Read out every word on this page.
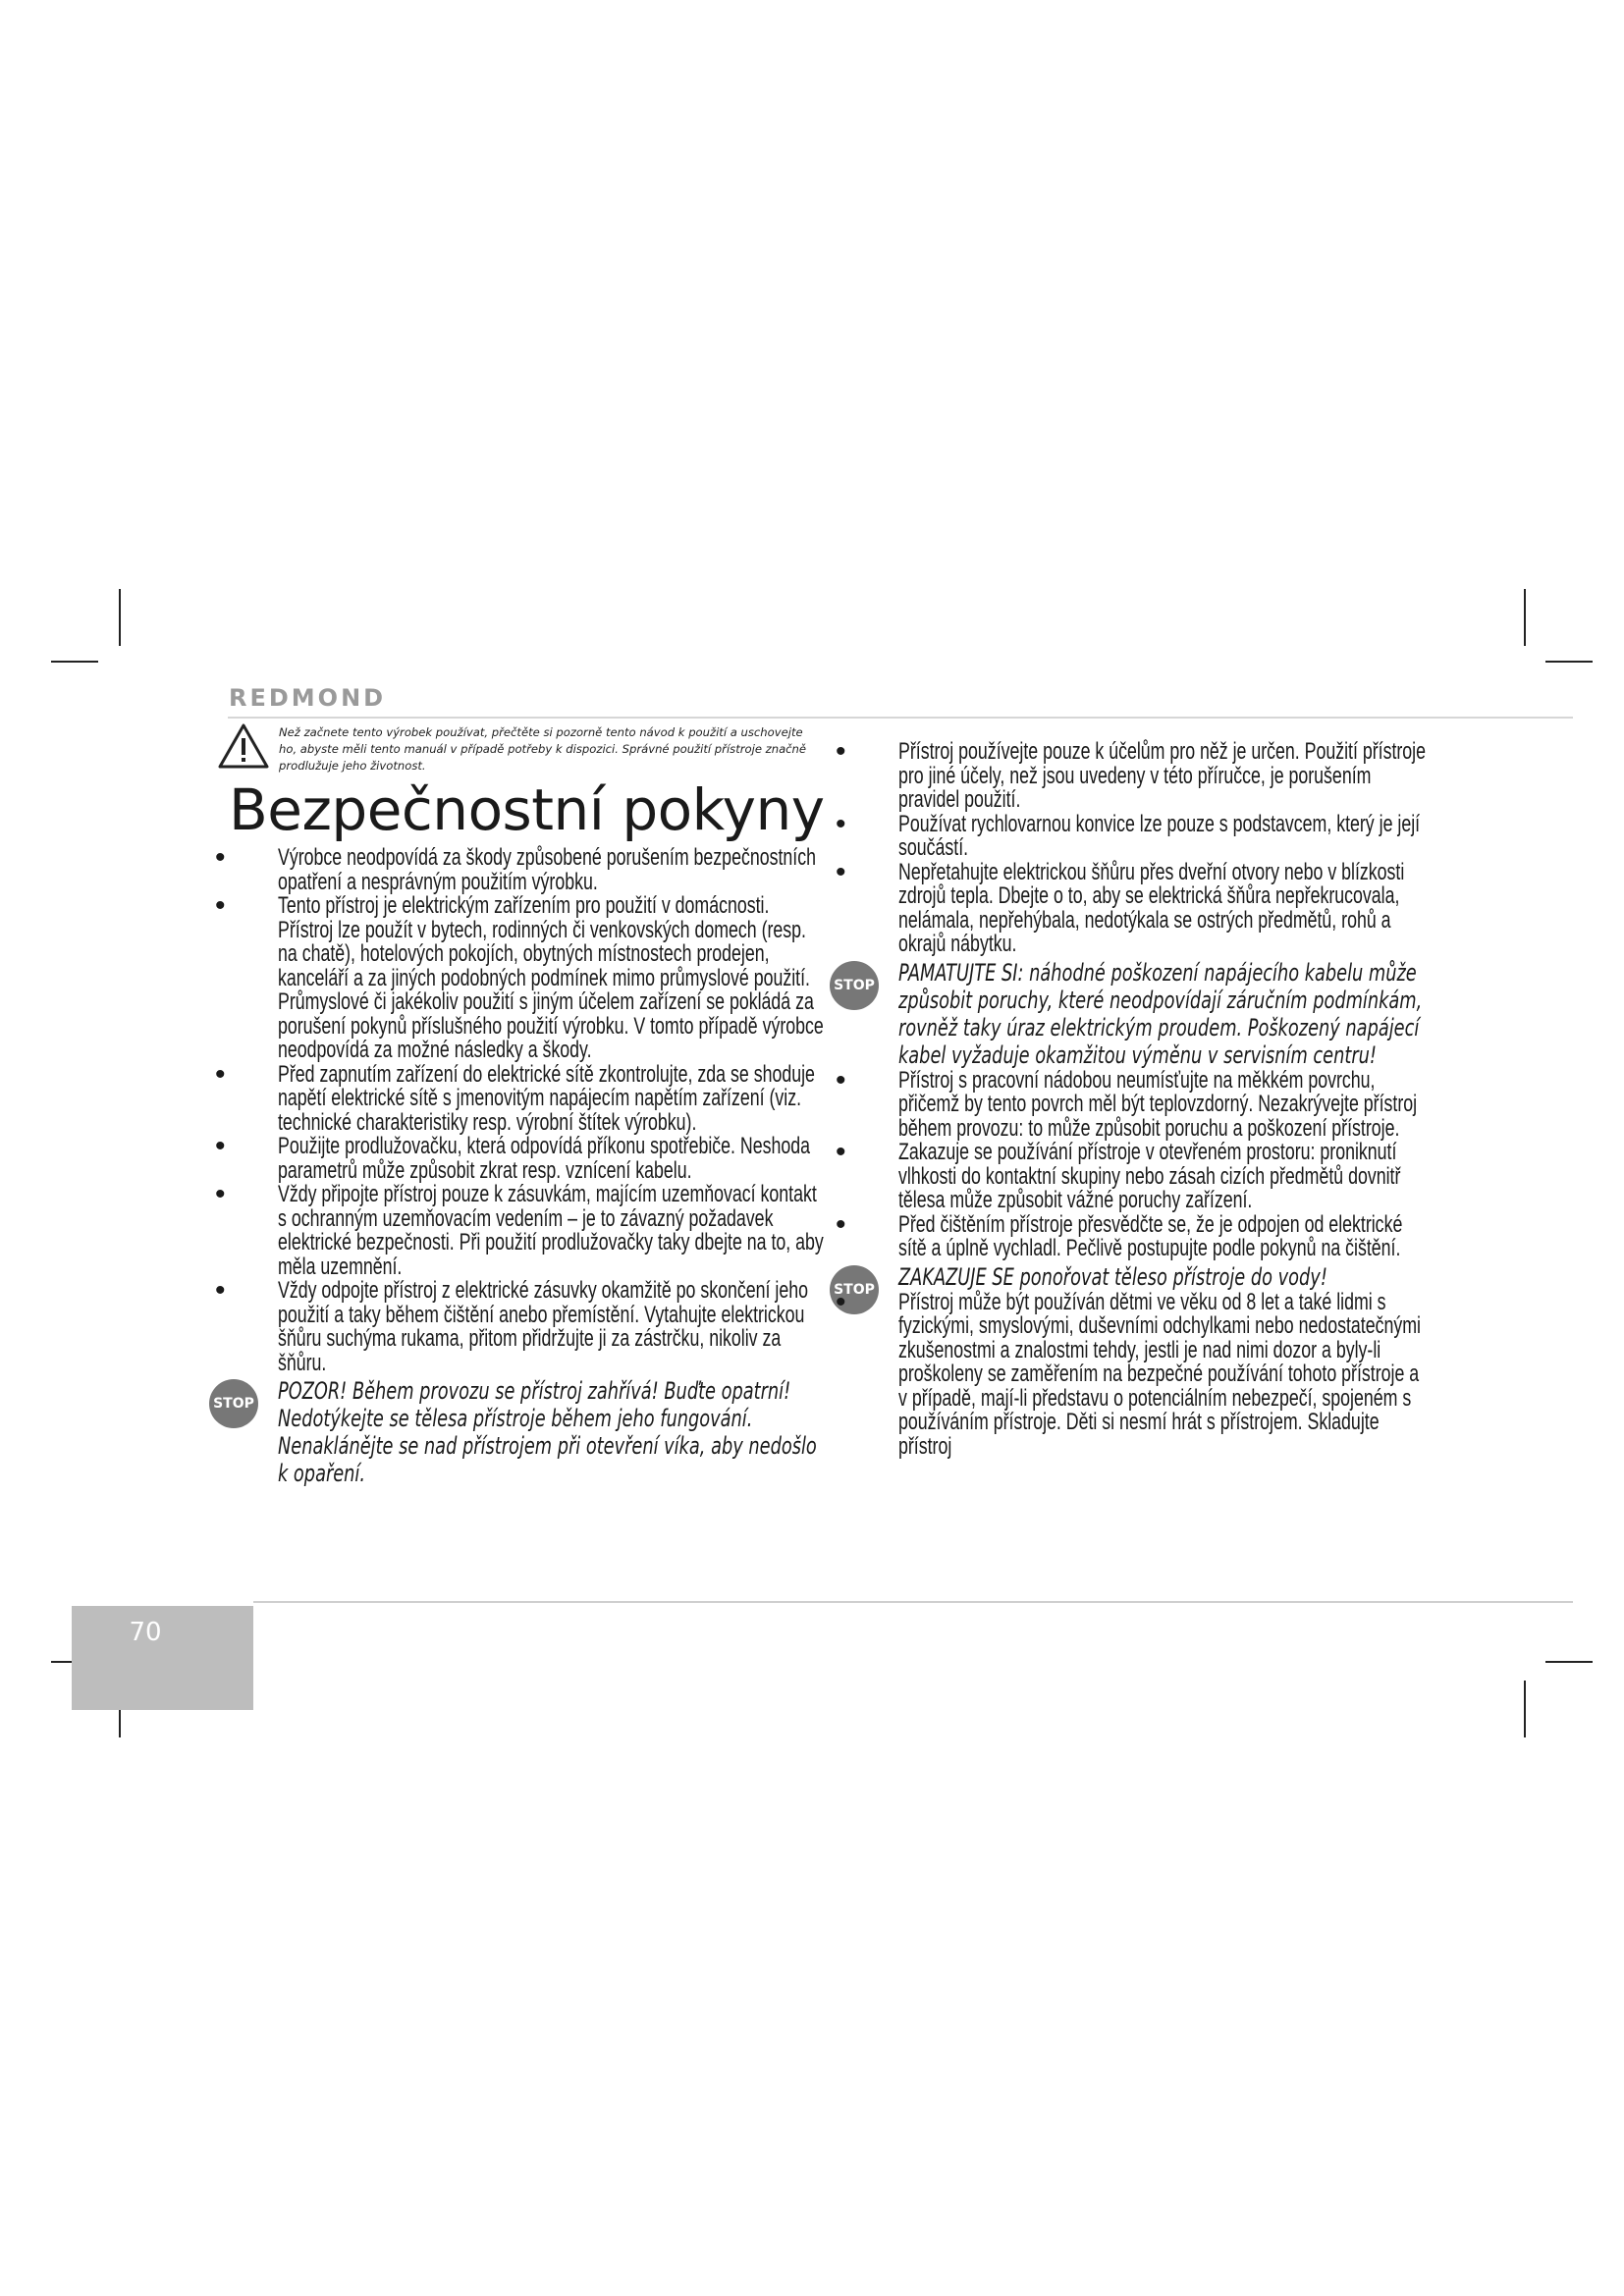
REDMOND
Než začnete tento výrobek používat, přečtěte si pozorně tento návod k použití a uschovejte ho, abyste měli tento manuál v případě potřeby k dispozici. Správné použití přístroje značně prodlužuje jeho životnost.
Bezpečnostní pokyny
• Výrobce neodpovídá za škody způsobené porušením bezpečnostních opatření a nesprávným použitím výrobku.
• Tento přístroj je elektrickým zařízením pro použití v domácnosti. Přístroj lze použít v bytech, rodinných či venkovských domech (resp. na chatě), hotelových pokojích, obytných místnostech prodejen, kanceláří a za jiných podobných podmínek mimo průmyslové použití. Průmyslové či jakékoliv použití s jiným účelem zařízení se pokládá za porušení pokynů příslušného použití výrobku. V tomto případě výrobce neodpovídá za možné následky a škody.
• Před zapnutím zařízení do elektrické sítě zkontrolujte, zda se shoduje napětí elektrické sítě s jmenovitým napájecím napětím zařízení (viz. technické charakteristiky resp. výrobní štítek výrobku).
• Použijte prodlužovačku, která odpovídá příkonu spotřebiče. Neshoda parametrů může způsobit zkrat resp. vznícení kabelu.
• Vždy připojte přístroj pouze k zásuvkám, majícím uzemňovací kontakt s ochranným uzemňovacím vedením – je to závazný požadavek elektrické bezpečnosti. Při použití prodlužovačky taky dbejte na to, aby měla uzemnění.
• Vždy odpojte přístroj z elektrické zásuvky okamžitě po skončení jeho použití a taky během čištění anebo přemístění. Vytahujte elektrickou šňůru suchýma rukama, přitom přidržujte ji za zástrčku, nikoliv za šňůru.
STOP POZOR! Během provozu se přístroj zahřívá! Buďte opatrní! Nedotýkejte se tělesa přístroje během jeho fungování. Nenaklánějte se nad přístrojem při otevření víka, aby nedošlo k opaření.
• Přístroj používejte pouze k účelům pro něž je určen. Použití přístroje pro jiné účely, než jsou uvedeny v této příručce, je porušením pravidel použití.
• Používat rychlovarnou konvice lze pouze s podstavcem, který je její součástí.
• Nepřetahujte elektrickou šňůru přes dveřní otvory nebo v blízkosti zdrojů tepla. Dbejte o to, aby se elektrická šňůra nepřekrucovala, nelámala, nepřehýbala, nedotýkala se ostrých předmětů, rohů a okrajů nábytku.
STOP PAMATUJTE SI: náhodné poškození napájecího kabelu může způsobit poruchy, které neodpovídají záručním podmínkám, rovněž taky úraz elektrickým proudem. Poškozený napájecí kabel vyžaduje okamžitou výměnu v servisním centru!
• Přístroj s pracovní nádobou neumísťujte na měkkém povrchu, přičemž by tento povrch měl být teplovzdorný. Nezakrývejte přístroj během provozu: to může způsobit poruchu a poškození přístroje.
• Zakazuje se používání přístroje v otevřeném prostoru: proniknutí vlhkosti do kontaktní skupiny nebo zásah cizích předmětů dovnitř tělesa může způsobit vážné poruchy zařízení.
• Před čištěním přístroje přesvědčte se, že je odpojen od elektrické sítě a úplně vychladl. Pečlivě postupujte podle pokynů na čištění.
STOP ZAKAZUJE SE ponořovat těleso přístroje do vody!
• Přístroj může být používán dětmi ve věku od 8 let a také lidmi s fyzickými, smyslovými, duševními odchylkami nebo nedostatečnými zkušenostmi a znalostmi tehdy, jestli je nad nimi dozor a byly-li proškoleny se zaměřením na bezpečné používání tohoto přístroje a v případě, mají-li představu o potenciálním nebezpečí, spojeném s používáním přístroje. Děti si nesmí hrát s přístrojem. Skladujte přístroj
70
